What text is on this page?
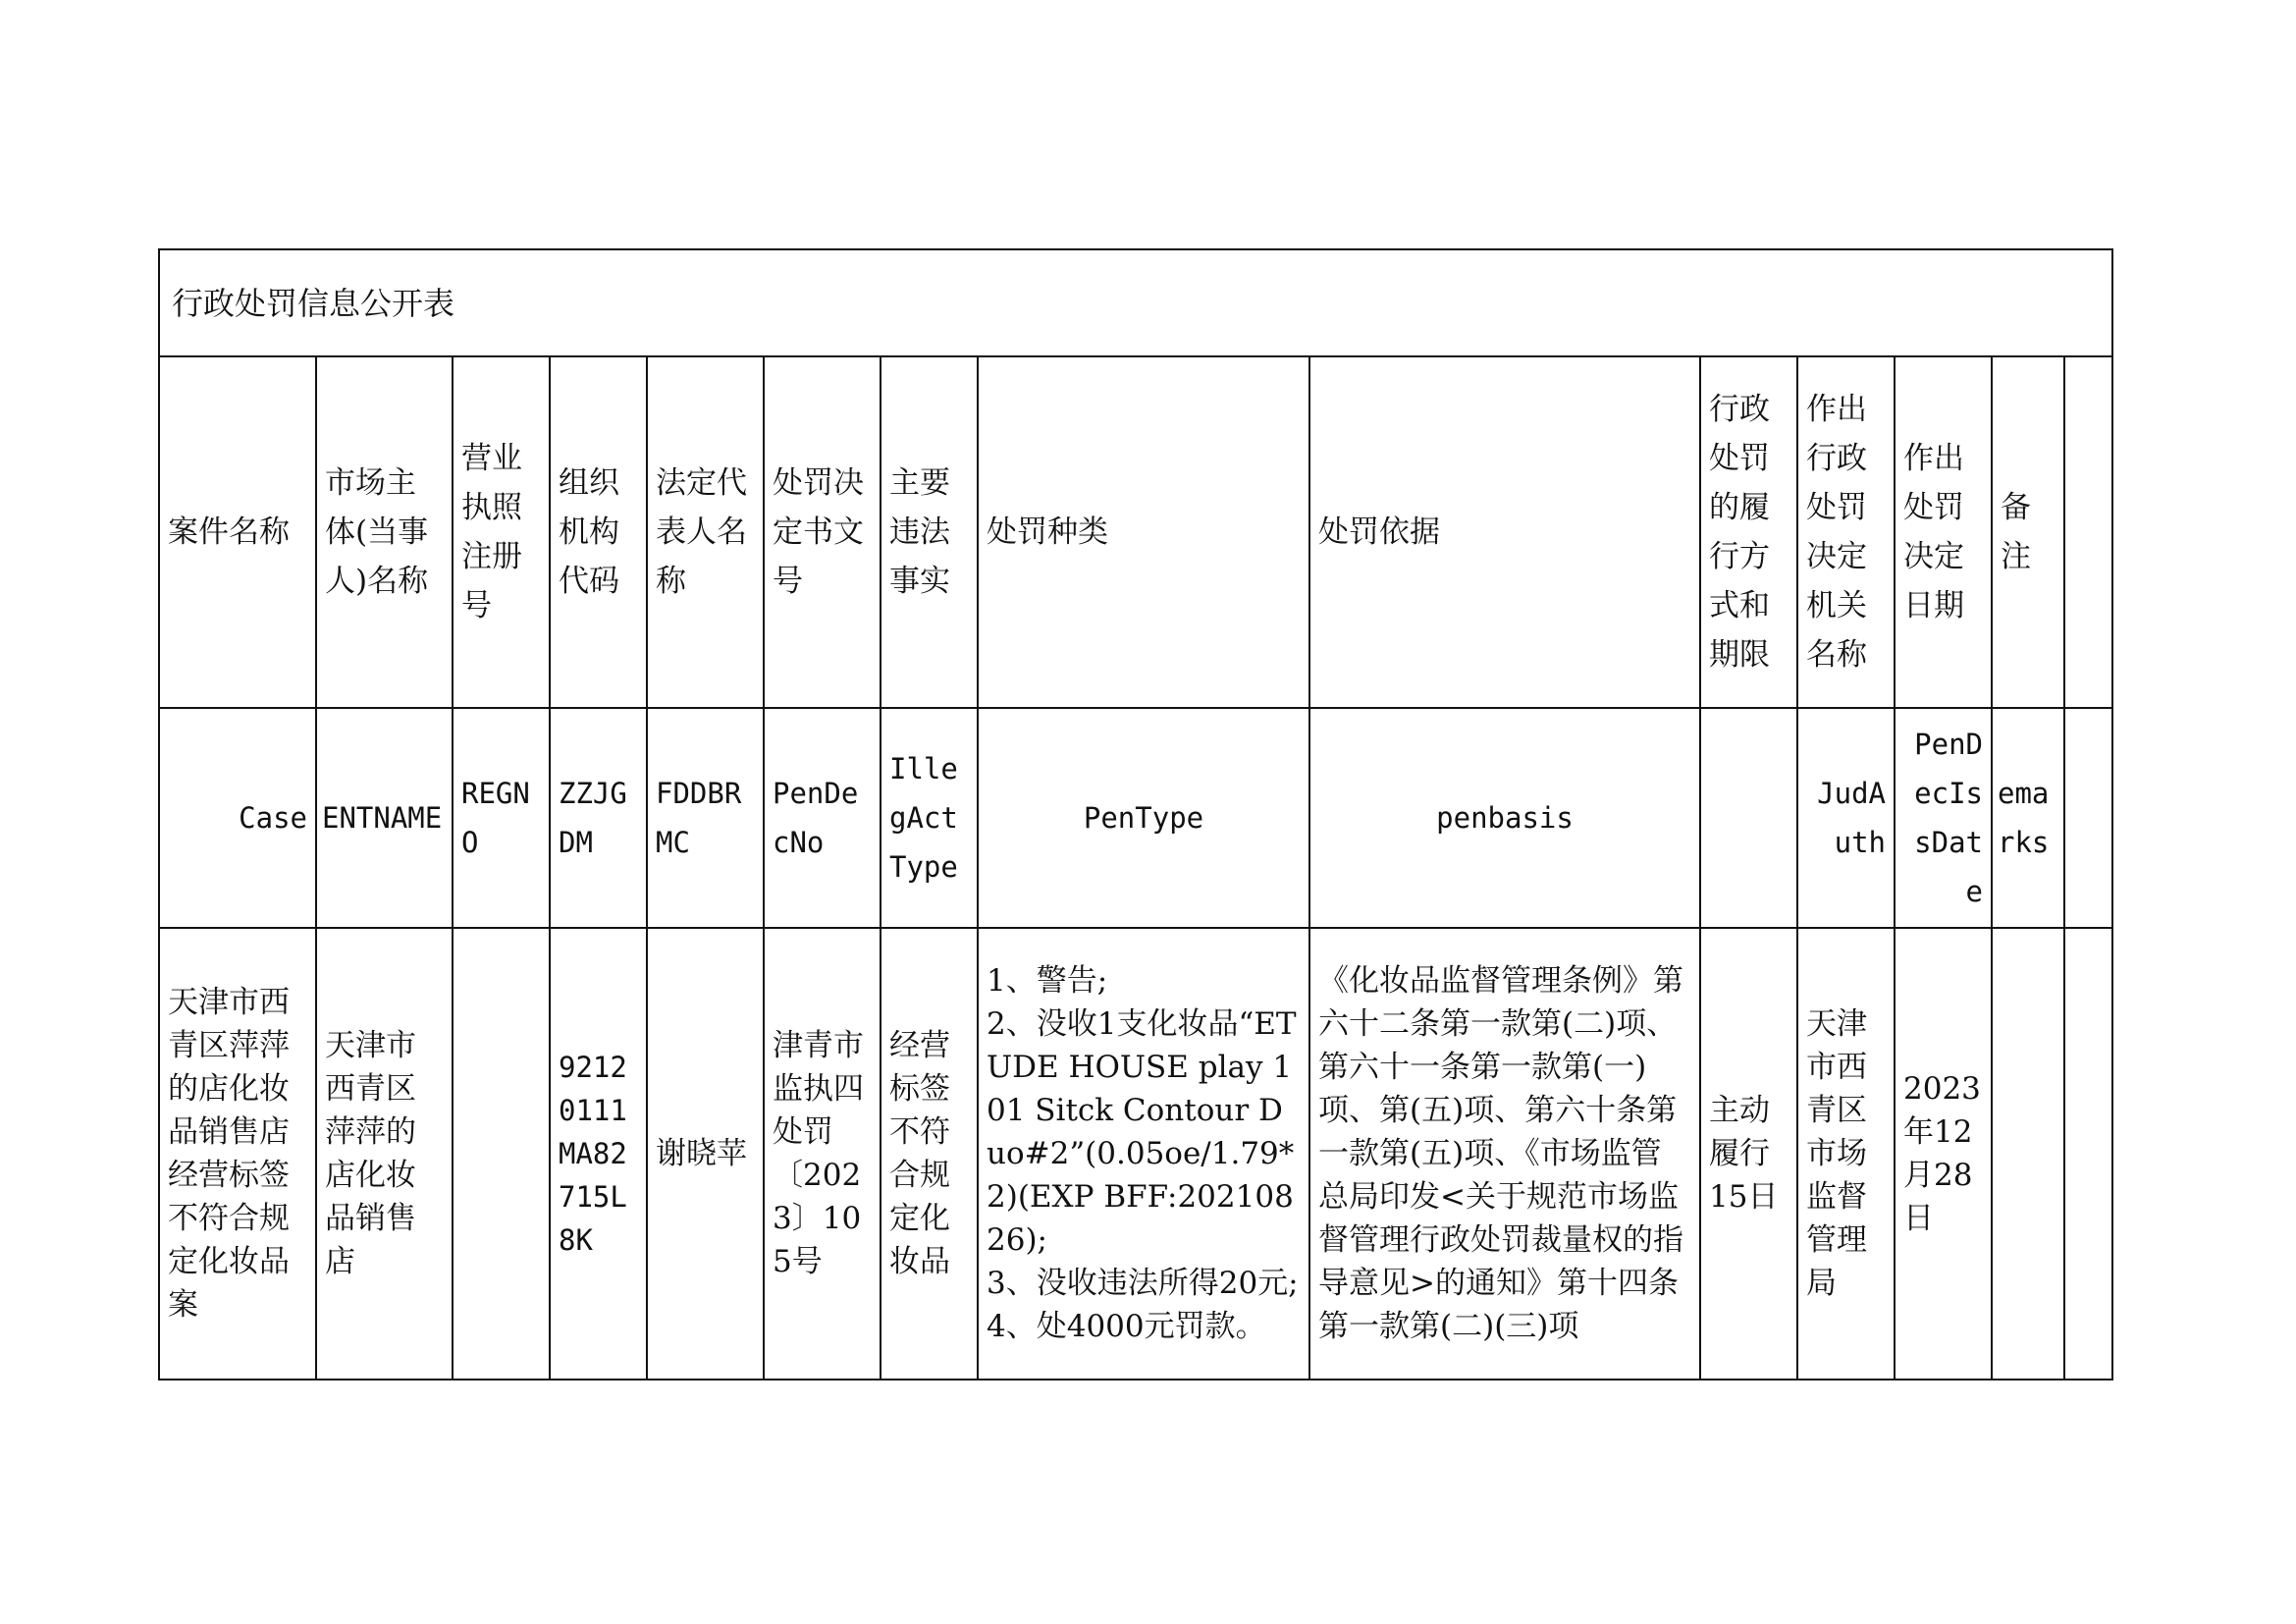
行政处罚信息公开表													
案件名称	市场主体(当事人)名称	营业执照注册号	组织机构代码	法定代表人名称	处罚决定书文号	主要违法事实	处罚种类	处罚依据	行政处罚的履行方式和期限	作出行政处罚决定机关名称	作出处罚决定日期	备注	
Case	ENTNAME	REGNO	ZZJGDM	FDDBRMC	PenDecNo	IllegActType	PenType	penbasis		JudAuth	PenDecIssDate	emarks	
天津市西青区萍萍的店化妆品销售店经营标签不符合规定化妆品案	天津市西青区萍萍的店化妆品销售店		92120111MA82715L8K	谢晓苹	津青市监执四处罚〔2023〕105号	经营标签不符合规定化妆品	1、警告;
2、没收1支化妆品“ETUDE HOUSE play 101 Sitck Contour Duo#2”(0.05oe/1.79*2)(EXP BFF:20210826);
3、没收违法所得20元;
4、处4000元罚款。	《化妆品监督管理条例》第六十二条第一款第(二)项、第六十一条第一款第(一)项、第(五)项、第六十条第一款第(五)项、《市场监管总局印发<关于规范市场监督管理行政处罚裁量权的指导意见>的通知》第十四条第一款第(二)(三)项	主动履行15日	天津市西青区市场监督管理局	2023年12月28日		
